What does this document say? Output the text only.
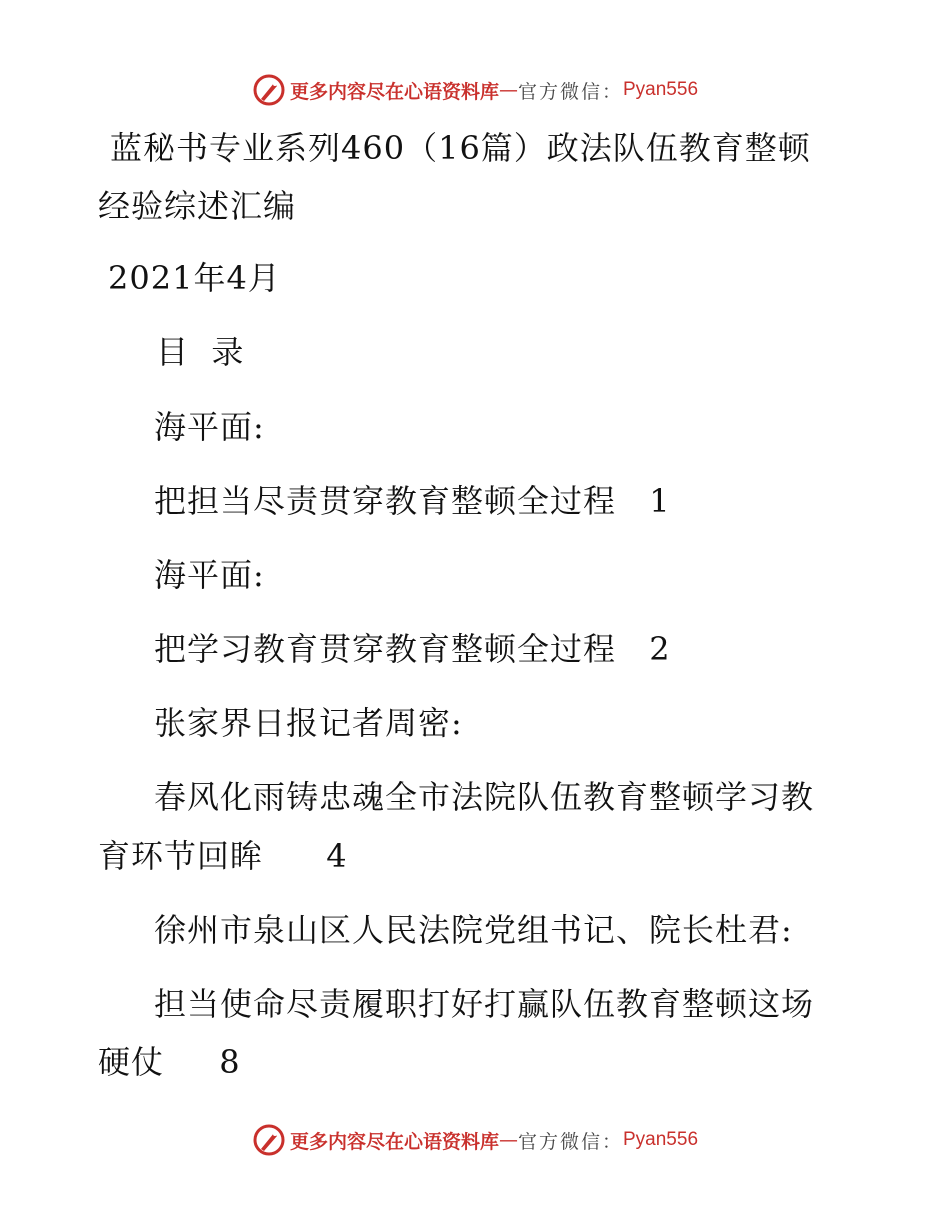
更多内容尽在心语资料库 — 官方微信： Pyan556
蓝秘书专业系列460（16篇）政法队伍教育整顿
经验综述汇编
2021年4月
目  录
海平面:
把担当尽责贯穿教育整顿全过程 1
海平面:
把学习教育贯穿教育整顿全过程 2
张家界日报记者周密:
春风化雨铸忠魂全市法院队伍教育整顿学习教
育环节回眸 4
徐州市泉山区人民法院党组书记、院长杜君:
担当使命尽责履职打好打赢队伍教育整顿这场
硬仗 8
更多内容尽在心语资料库 — 官方微信： Pyan556
